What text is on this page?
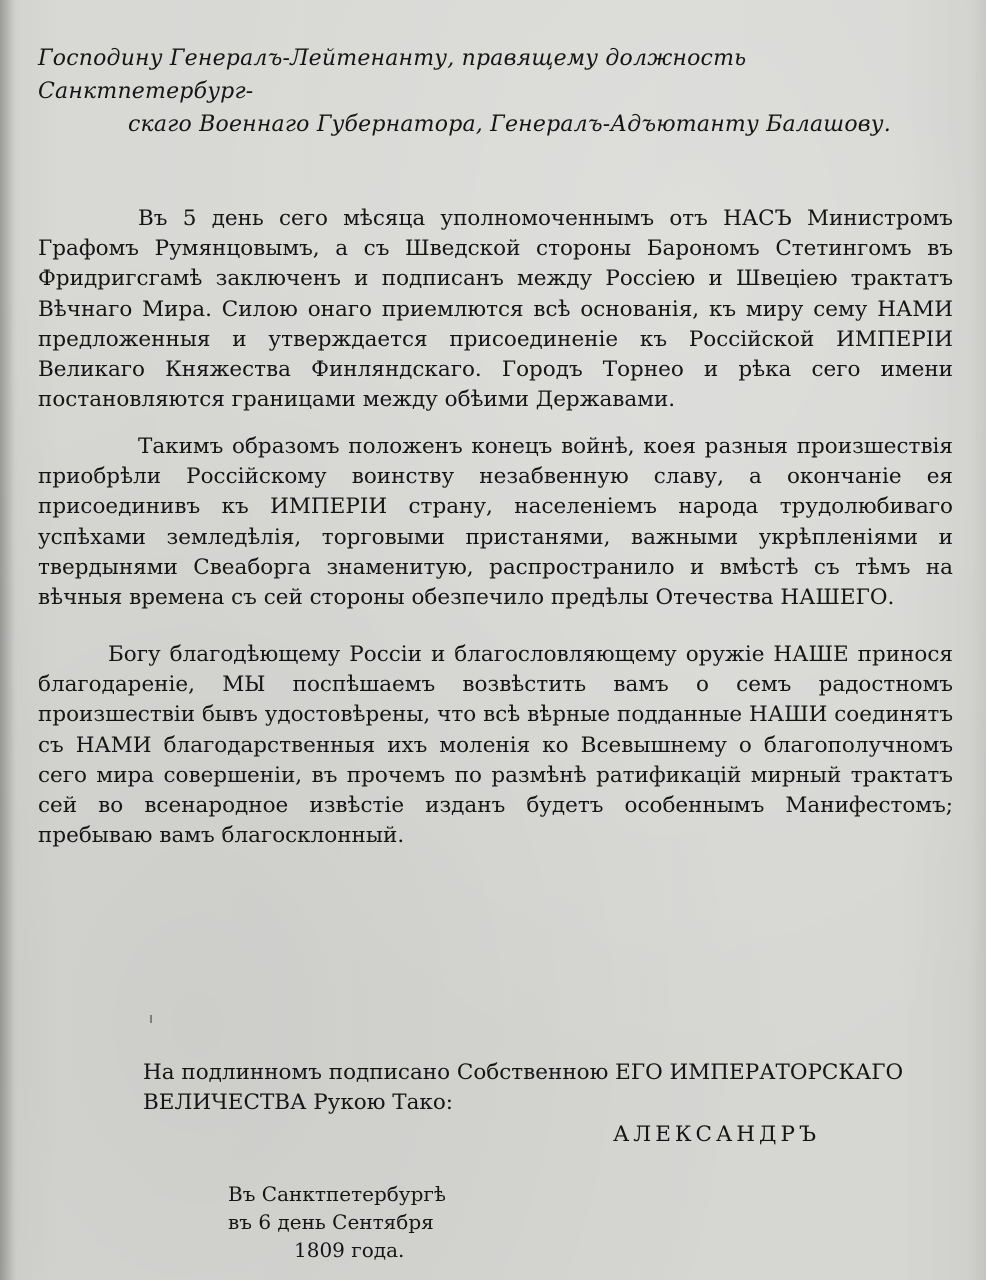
Господину Генералъ-Лейтенанту, правящему должность Санктпетербург-
скаго Военнаго Губернатора, Генералъ-Адъютанту Балашову.
Въ 5 день сего мѣсяца уполномоченнымъ отъ НАСЪ Министромъ Графомъ Румянцовымъ, а съ Шведской стороны Барономъ Стетингомъ въ Фридригсгамѣ заключенъ и подписанъ между Россiею и Швецiею трактатъ Вѣчнаго Мира. Силою онаго приемлются всѣ основанiя, къ миру сему НАМИ предложенныя и утверждается присоединенiе къ Россiйской ИМПЕРIИ Великаго Княжества Финляндскаго. Городъ Торнео и рѣка сего имени постановляются границами между обѣими Державами.
Такимъ образомъ положенъ конецъ войнѣ, коея разныя произшествiя приобрѣли Россiйскому воинству незабвенную славу, а окончанiе ея присоединивъ къ ИМПЕРIИ страну, населенiемъ народа трудолюбиваго успѣхами земледѣлiя, торговыми пристанями, важными укрѣпленiями и твердынями Свеаборга знаменитую, распространило и вмѣстѣ съ тѣмъ на вѣчныя времена съ сей стороны обезпечило предѣлы Отечества НАШЕГО.
Богу благодѣющему Россiи и благословляющему оружiе НАШЕ принося благодаренiе, МЫ поспѣшаемъ возвѣстить вамъ о семъ радостномъ произшествiи бывъ удостовѣрены, что всѣ вѣрные подданные НАШИ соединятъ съ НАМИ благодарственныя ихъ моленiя ко Всевышнему о благополучномъ сего мира совершенiи, въ прочемъ по размѣнѣ ратификацiй мирный трактатъ сей во всенародное извѣстiе изданъ будетъ особеннымъ Манифестомъ; пребываю вамъ благосклонный.
На подлинномъ подписано Собственною ЕГО ИМПЕРАТОРСКАГО
ВЕЛИЧЕСТВА Рукою Тако:
АЛЕКСАНДРЪ
Въ Санктпетербургѣ
въ 6 день Сентября
1809 года.
